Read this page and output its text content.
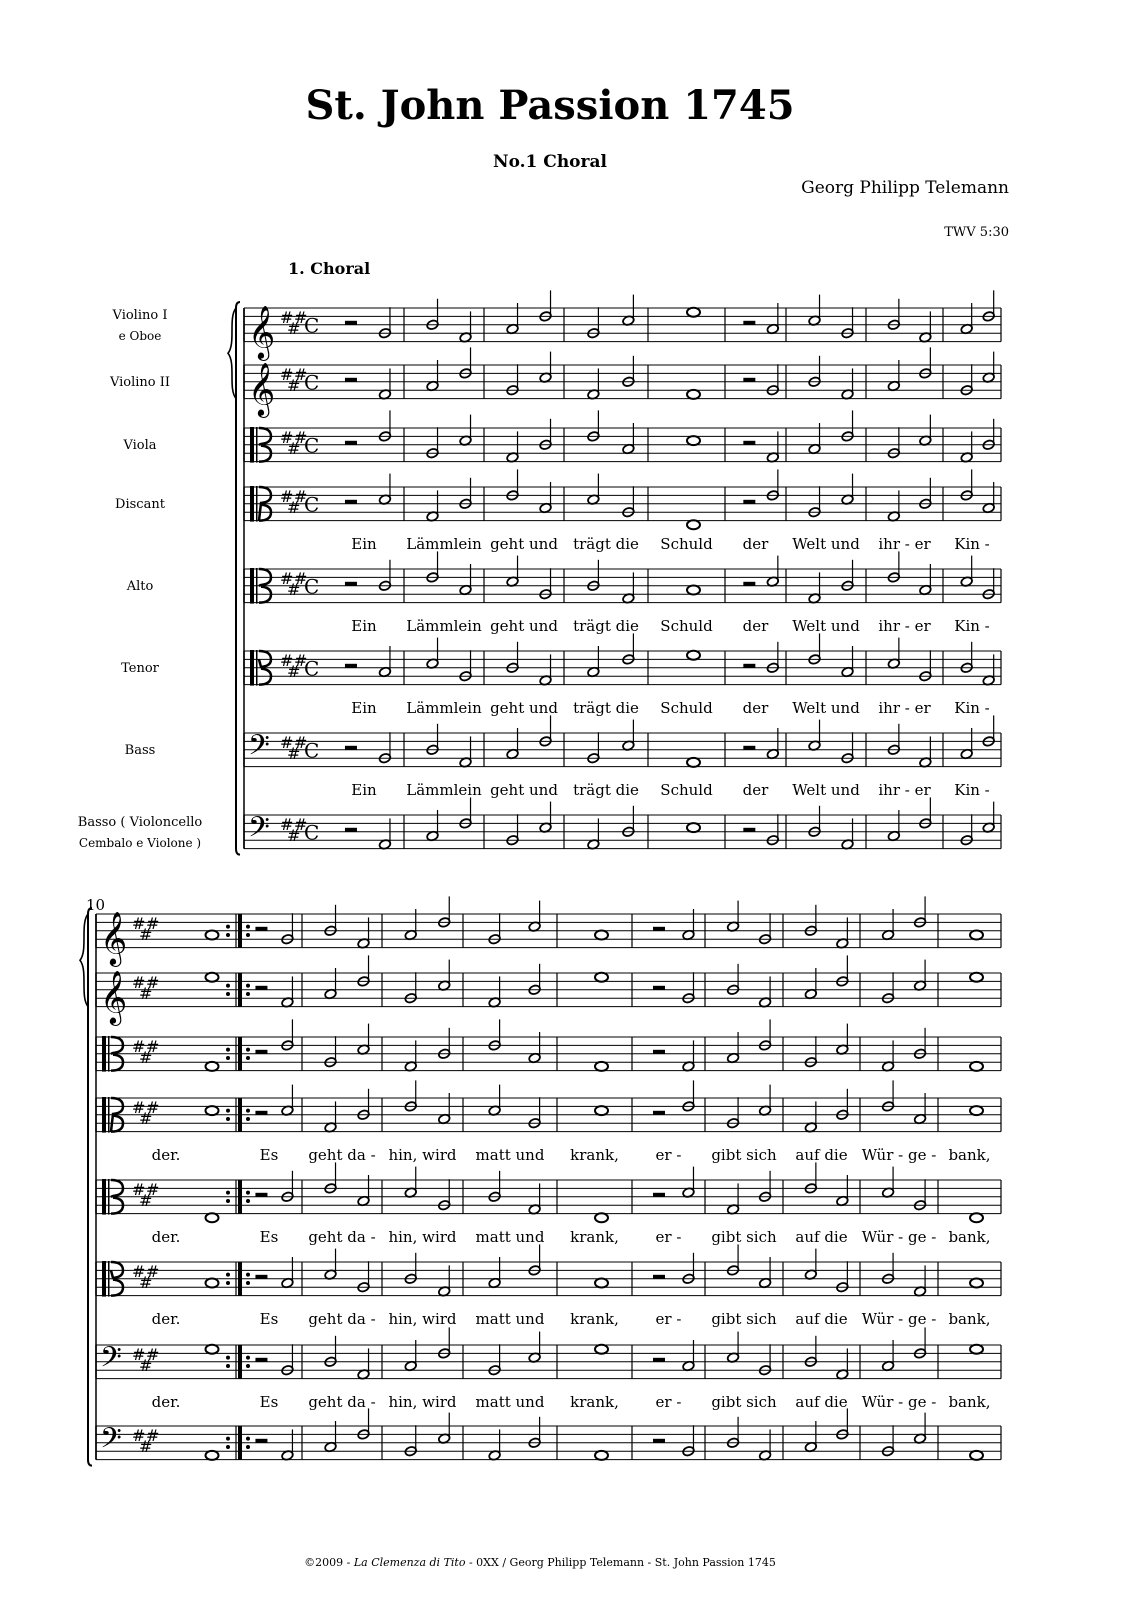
𝄞 #
#
#
C
𝄞 #
#
#
C
#
#
#
C
#
#
#
C
#
#
#
C
#
#
#
C
𝄢 #
#
#
C
𝄢 #
#
#
C
𝄞 #
#
#
𝄞 #
#
#
#
#
#
#
#
#
#
#
#
#
#
#
𝄢 #
#
#
𝄢 #
#
#
St. John Passion 1745
No.1 Choral
Georg Philipp Telemann
TWV 5:30
1. Choral
10
Violino I
e Oboe
Violino II
Viola
Discant
Alto
Tenor
Bass
Basso ( Violoncello
Cembalo e Violone )
Ein	Lämmlein geht und	trägt die	Schuld	der	Welt und	ihr - er	Kin -
Ein	Lämmlein geht und	trägt die	Schuld	der	Welt und	ihr - er	Kin -
Ein	Lämmlein geht und	trägt die	Schuld	der	Welt und	ihr - er	Kin -
Ein	Lämmlein geht und	trägt die	Schuld	der	Welt und	ihr - er	Kin -
der.	Es	geht da - hin, wird	matt und	krank,	er -	gibt sich	auf die Wür - ge - bank,
der.	Es	geht da - hin, wird	matt und	krank,	er -	gibt sich	auf die Wür - ge - bank,
der.	Es	geht da - hin, wird	matt und	krank,	er -	gibt sich	auf die Wür - ge - bank,
der.	Es	geht da - hin, wird	matt und	krank,	er -	gibt sich	auf die Wür - ge - bank,
©2009 - La Clemenza di Tito - 0XX / Georg Philipp Telemann - St. John Passion 1745
